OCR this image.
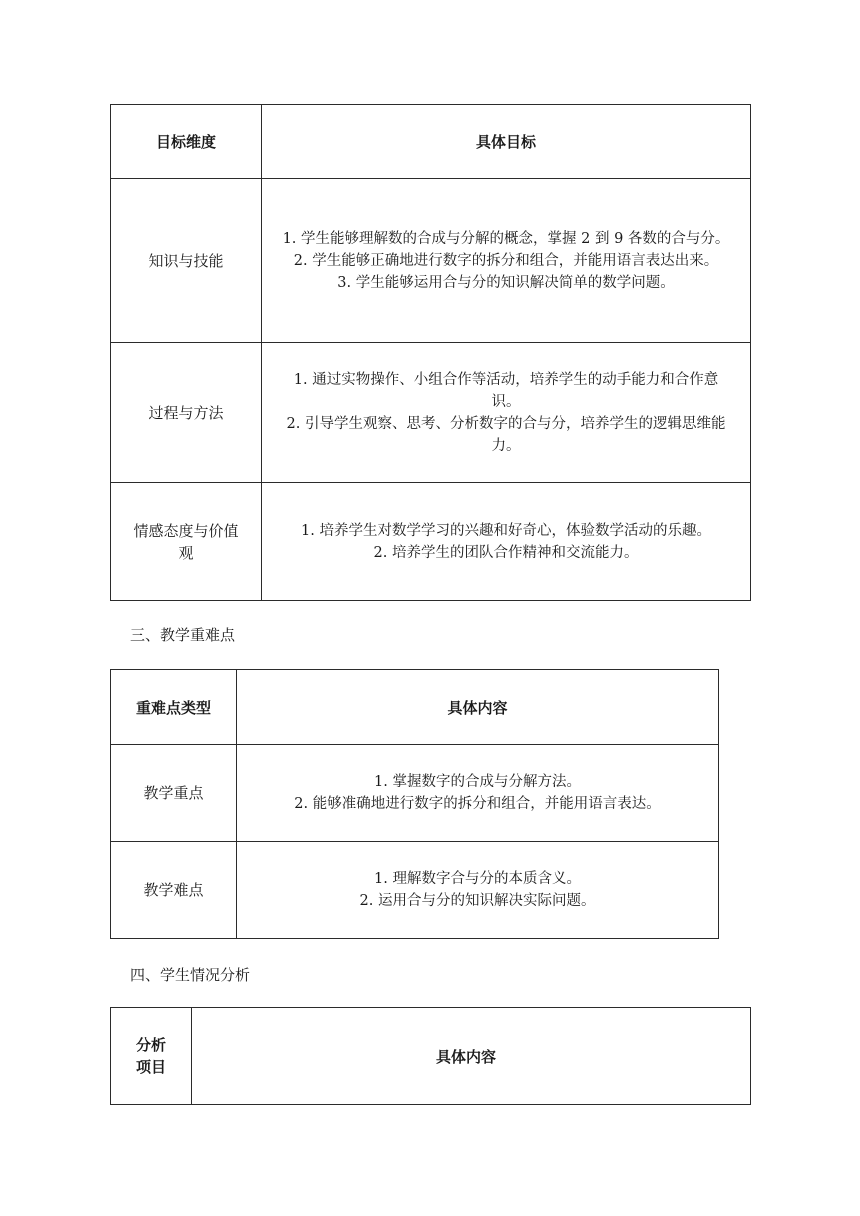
目标维度	具体目标
知识与技能	1. 学生能够理解数的合成与分解的概念，掌握 2 到 9 各数的合与分。
2. 学生能够正确地进行数字的拆分和组合，并能用语言表达出来。
3. 学生能够运用合与分的知识解决简单的数学问题。

过程与方法	1. 通过实物操作、小组合作等活动，培养学生的动手能力和合作意识。
2. 引导学生观察、思考、分析数字的合与分，培养学生的逻辑思维能力。

情感态度与价值观	1. 培养学生对数学学习的兴趣和好奇心，体验数学活动的乐趣。
2. 培养学生的团队合作精神和交流能力。
三、教学重难点
重难点类型	具体内容
教学重点	1. 掌握数字的合成与分解方法。
2. 能够准确地进行数字的拆分和组合，并能用语言表达。

教学难点	1. 理解数字合与分的本质含义。
2. 运用合与分的知识解决实际问题。
四、学生情况分析
分析项目	具体内容
